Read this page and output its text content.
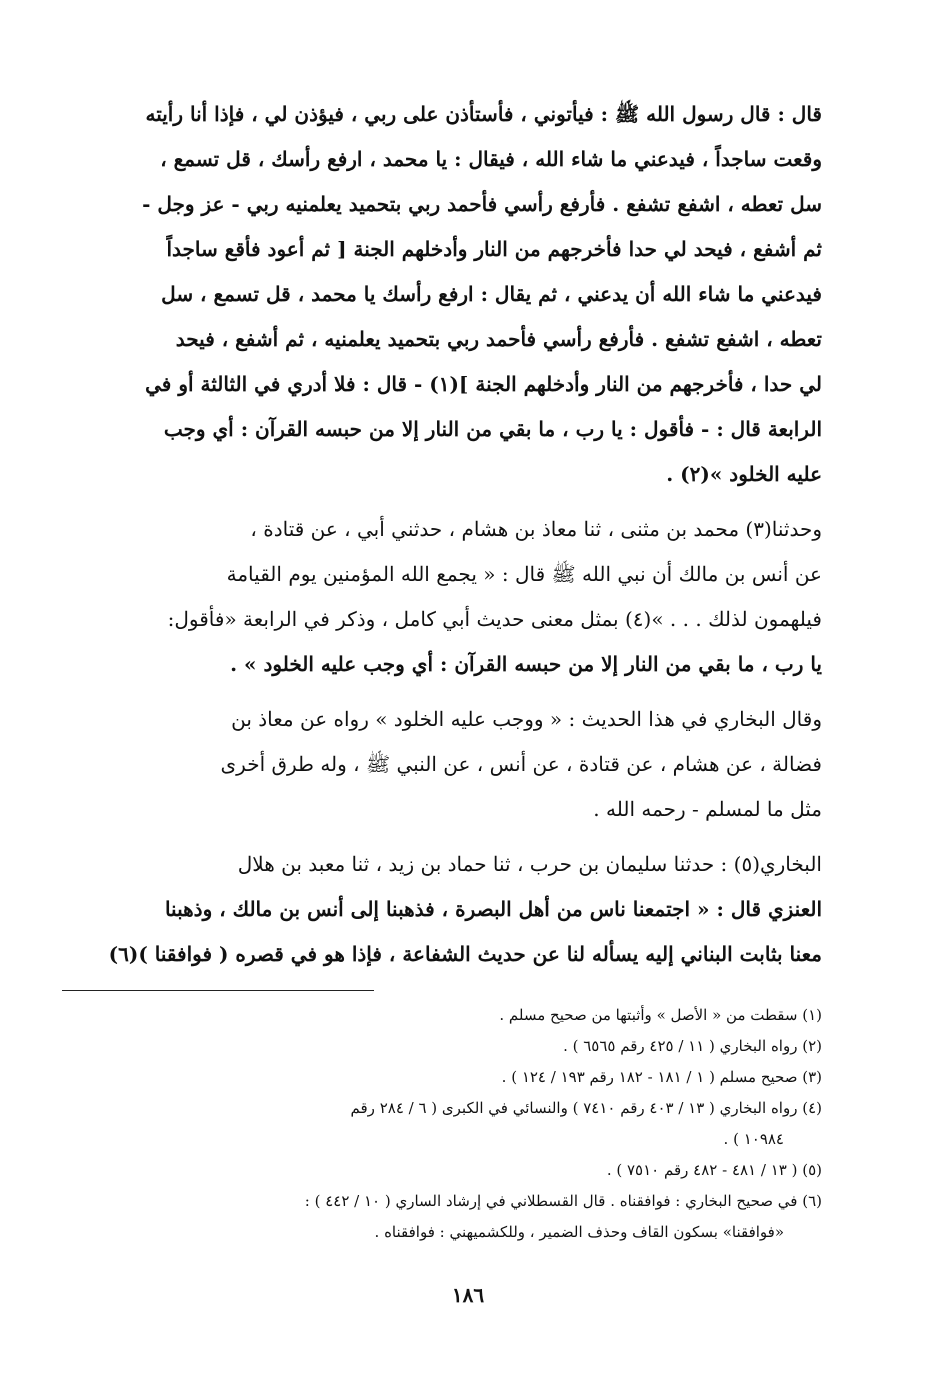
قال : قال رسول الله ﷺ : فيأتوني ، فأستأذن على ربي ، فيؤذن لي ، فإذا أنا رأيته

وقعت ساجداً ، فيدعني ما شاء الله ، فيقال : يا محمد ، ارفع رأسك ، قل تسمع ،

سل تعطه ، اشفع تشفع . فأرفع رأسي فأحمد ربي بتحميد يعلمنيه ربي - عز وجل -

ثم أشفع ، فيحد لي حدا فأخرجهم من النار وأدخلهم الجنة [ ثم أعود فأقع ساجداً

فيدعني ما شاء الله أن يدعني ، ثم يقال : ارفع رأسك يا محمد ، قل تسمع ، سل

تعطه ، اشفع تشفع . فأرفع رأسي فأحمد ربي بتحميد يعلمنيه ، ثم أشفع ، فيحد

لي حدا ، فأخرجهم من النار وأدخلهم الجنة ](١) - قال : فلا أدري في الثالثة أو في

الرابعة قال : - فأقول : يا رب ، ما بقي من النار إلا من حبسه القرآن : أي وجب

عليه الخلود »(٢) .

وحدثنا(٣) محمد بن مثنى ، ثنا معاذ بن هشام ، حدثني أبي ، عن قتادة ،

عن أنس بن مالك أن نبي الله ﷺ قال : « يجمع الله المؤمنين يوم القيامة

فيلهمون لذلك . . . »(٤) بمثل معنى حديث أبي كامل ، وذكر في الرابعة «فأقول:

يا رب ، ما بقي من النار إلا من حبسه القرآن : أي وجب عليه الخلود » .

وقال البخاري في هذا الحديث : « ووجب عليه الخلود » رواه عن معاذ بن

فضالة ، عن هشام ، عن قتادة ، عن أنس ، عن النبي ﷺ ، وله طرق أخرى

مثل ما لمسلم - رحمه الله .

البخاري(٥) : حدثنا سليمان بن حرب ، ثنا حماد بن زيد ، ثنا معبد بن هلال

العنزي قال : « اجتمعنا ناس من أهل البصرة ، فذهبنا إلى أنس بن مالك ، وذهبنا

معنا بثابت البناني إليه يسأله لنا عن حديث الشفاعة ، فإذا هو في قصره ( فوافقنا )(٦)

(١) سقطت من « الأصل » وأثبتها من صحيح مسلم .
(٢) رواه البخاري ( ١١ / ٤٢٥ رقم ٦٥٦٥ ) .
(٣) صحيح مسلم ( ١ / ١٨١ - ١٨٢ رقم ١٩٣ / ١٢٤ ) .
(٤) رواه البخاري ( ١٣ / ٤٠٣ رقم ٧٤١٠ ) والنسائي في الكبرى ( ٦ / ٢٨٤ رقم
١٠٩٨٤ ) .
(٥) ( ١٣ / ٤٨١ - ٤٨٢ رقم ٧٥١٠ ) .
(٦) في صحيح البخاري : فوافقناه . قال القسطلاني في إرشاد الساري ( ١٠ / ٤٤٢ ) :
«فوافقنا» بسكون القاف وحذف الضمير ، وللكشميهني : فوافقناه .
١٨٦
